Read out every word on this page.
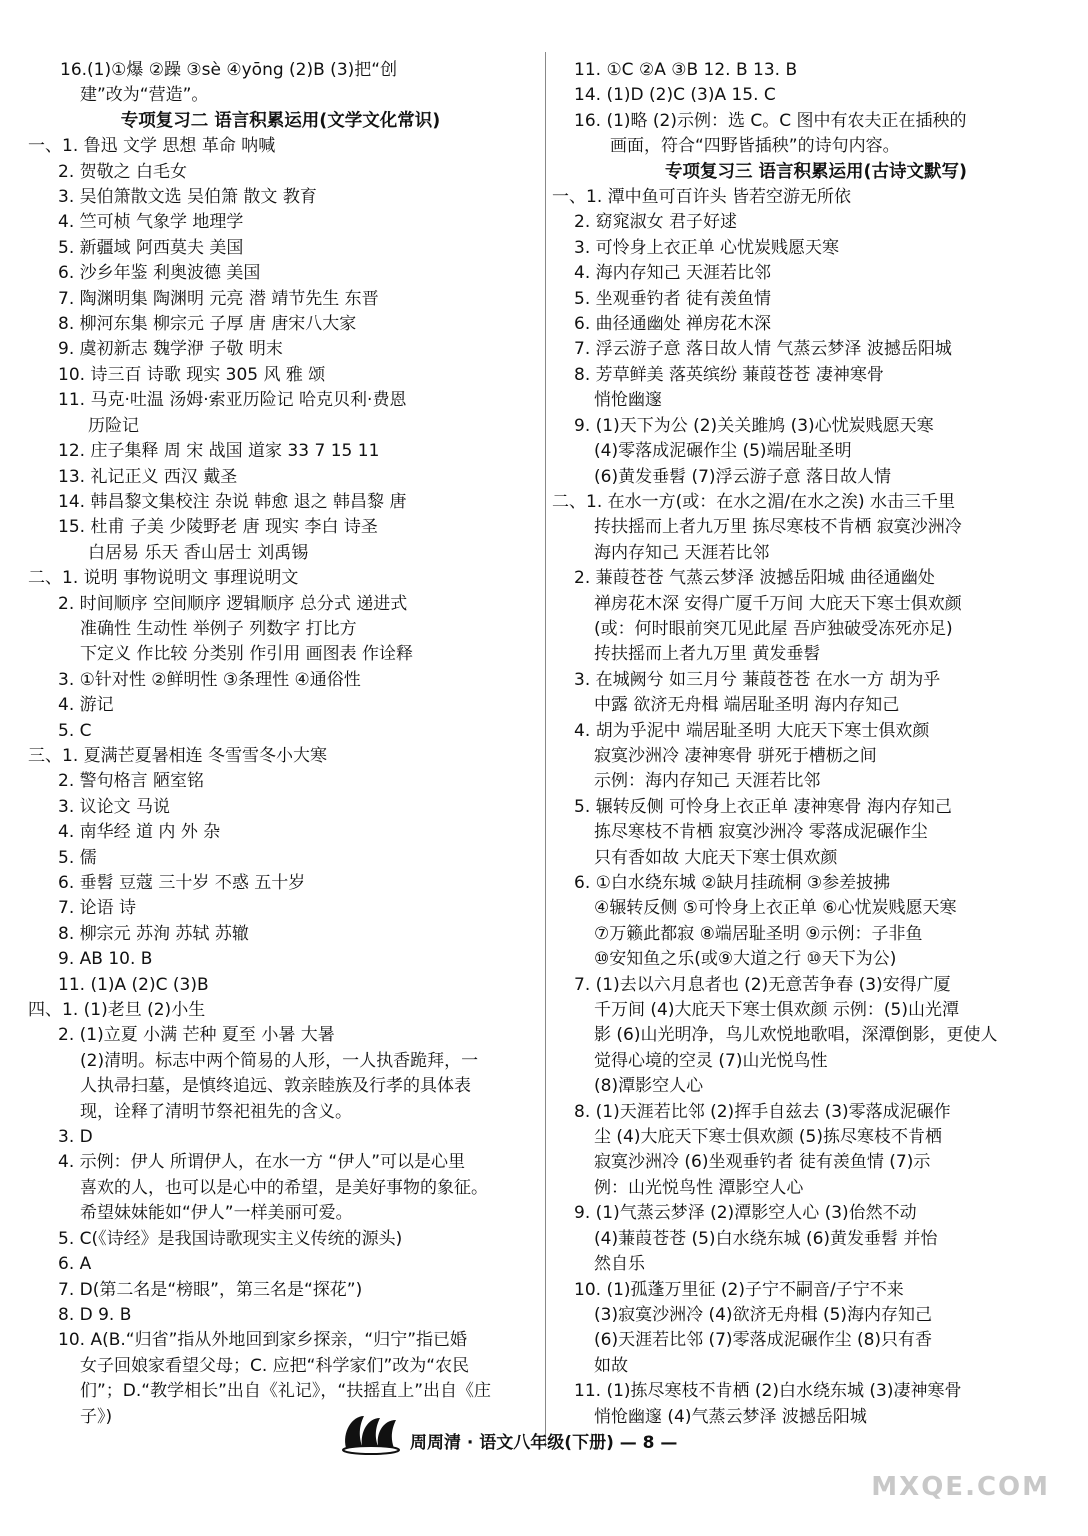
16.(1)①爆 ②躁 ③sè ④yōng (2)B (3)把“创
建”改为“营造”。
专项复习二 语言积累运用(文学文化常识)
一、1. 鲁迅 文学 思想 革命 呐喊
2. 贺敬之 白毛女
3. 吴伯箫散文选 吴伯箫 散文 教育
4. 竺可桢 气象学 地理学
5. 新疆域 阿西莫夫 美国
6. 沙乡年鉴 利奥波德 美国
7. 陶渊明集 陶渊明 元亮 潜 靖节先生 东晋
8. 柳河东集 柳宗元 子厚 唐 唐宋八大家
9. 虞初新志 魏学洢 子敬 明末
10. 诗三百 诗歌 现实 305 风 雅 颂
11. 马克·吐温 汤姆·索亚历险记 哈克贝利·费恩
历险记
12. 庄子集释 周 宋 战国 道家 33 7 15 11
13. 礼记正义 西汉 戴圣
14. 韩昌黎文集校注 杂说 韩愈 退之 韩昌黎 唐
15. 杜甫 子美 少陵野老 唐 现实 李白 诗圣
白居易 乐天 香山居士 刘禹锡
二、1. 说明 事物说明文 事理说明文
2. 时间顺序 空间顺序 逻辑顺序 总分式 递进式
准确性 生动性 举例子 列数字 打比方
下定义 作比较 分类别 作引用 画图表 作诠释
3. ①针对性 ②鲜明性 ③条理性 ④通俗性
4. 游记
5. C
三、1. 夏满芒夏暑相连 冬雪雪冬小大寒
2. 警句格言 陋室铭
3. 议论文 马说
4. 南华经 道 内 外 杂
5. 儒
6. 垂髫 豆蔻 三十岁 不惑 五十岁
7. 论语 诗
8. 柳宗元 苏洵 苏轼 苏辙
9. AB 10. B
11. (1)A (2)C (3)B
四、1. (1)老旦 (2)小生
2. (1)立夏 小满 芒种 夏至 小暑 大暑
(2)清明。标志中两个简易的人形，一人执香跪拜，一
人执帚扫墓，是慎终追远、敦亲睦族及行孝的具体表
现，诠释了清明节祭祀祖先的含义。
3. D
4. 示例：伊人 所谓伊人，在水一方 “伊人”可以是心里
喜欢的人，也可以是心中的希望，是美好事物的象征。
希望妹妹能如“伊人”一样美丽可爱。
5. C(《诗经》是我国诗歌现实主义传统的源头)
6. A
7. D(第二名是“榜眼”，第三名是“探花”)
8. D 9. B
10. A(B.“归省”指从外地回到家乡探亲，“归宁”指已婚
女子回娘家看望父母；C. 应把“科学家们”改为“农民
们”；D.“教学相长”出自《礼记》，“扶摇直上”出自《庄
子》)
11. ①C ②A ③B 12. B 13. B
14. (1)D (2)C (3)A 15. C
16. (1)略 (2)示例：选 C。C 图中有农夫正在插秧的
画面，符合“四野皆插秧”的诗句内容。
专项复习三 语言积累运用(古诗文默写)
一、1. 潭中鱼可百许头 皆若空游无所依
2. 窈窕淑女 君子好逑
3. 可怜身上衣正单 心忧炭贱愿天寒
4. 海内存知己 天涯若比邻
5. 坐观垂钓者 徒有羡鱼情
6. 曲径通幽处 禅房花木深
7. 浮云游子意 落日故人情 气蒸云梦泽 波撼岳阳城
8. 芳草鲜美 落英缤纷 蒹葭苍苍 凄神寒骨
悄怆幽邃
9. (1)天下为公 (2)关关雎鸠 (3)心忧炭贱愿天寒
(4)零落成泥碾作尘 (5)端居耻圣明
(6)黄发垂髫 (7)浮云游子意 落日故人情
二、1. 在水一方(或：在水之湄/在水之涘) 水击三千里
抟扶摇而上者九万里 拣尽寒枝不肯栖 寂寞沙洲冷
海内存知己 天涯若比邻
2. 蒹葭苍苍 气蒸云梦泽 波撼岳阳城 曲径通幽处
禅房花木深 安得广厦千万间 大庇天下寒士俱欢颜
(或：何时眼前突兀见此屋 吾庐独破受冻死亦足)
抟扶摇而上者九万里 黄发垂髫
3. 在城阙兮 如三月兮 蒹葭苍苍 在水一方 胡为乎
中露 欲济无舟楫 端居耻圣明 海内存知己
4. 胡为乎泥中 端居耻圣明 大庇天下寒士俱欢颜
寂寞沙洲冷 凄神寒骨 骈死于槽枥之间
示例：海内存知己 天涯若比邻
5. 辗转反侧 可怜身上衣正单 凄神寒骨 海内存知己
拣尽寒枝不肯栖 寂寞沙洲冷 零落成泥碾作尘
只有香如故 大庇天下寒士俱欢颜
6. ①白水绕东城 ②缺月挂疏桐 ③参差披拂
④辗转反侧 ⑤可怜身上衣正单 ⑥心忧炭贱愿天寒
⑦万籁此都寂 ⑧端居耻圣明 ⑨示例：子非鱼
⑩安知鱼之乐(或⑨大道之行 ⑩天下为公)
7. (1)去以六月息者也 (2)无意苦争春 (3)安得广厦
千万间 (4)大庇天下寒士俱欢颜 示例：(5)山光潭
影 (6)山光明净，鸟儿欢悦地歌唱，深潭倒影，更使人
觉得心境的空灵 (7)山光悦鸟性
(8)潭影空人心
8. (1)天涯若比邻 (2)挥手自兹去 (3)零落成泥碾作
尘 (4)大庇天下寒士俱欢颜 (5)拣尽寒枝不肯栖
寂寞沙洲冷 (6)坐观垂钓者 徒有羡鱼情 (7)示
例：山光悦鸟性 潭影空人心
9. (1)气蒸云梦泽 (2)潭影空人心 (3)佁然不动
(4)蒹葭苍苍 (5)白水绕东城 (6)黄发垂髫 并怡
然自乐
10. (1)孤蓬万里征 (2)子宁不嗣音/子宁不来
(3)寂寞沙洲冷 (4)欲济无舟楫 (5)海内存知己
(6)天涯若比邻 (7)零落成泥碾作尘 (8)只有香
如故
11. (1)拣尽寒枝不肯栖 (2)白水绕东城 (3)凄神寒骨
悄怆幽邃 (4)气蒸云梦泽 波撼岳阳城
周周清 · 语文八年级(下册) — 8 —
MXQE.COM
